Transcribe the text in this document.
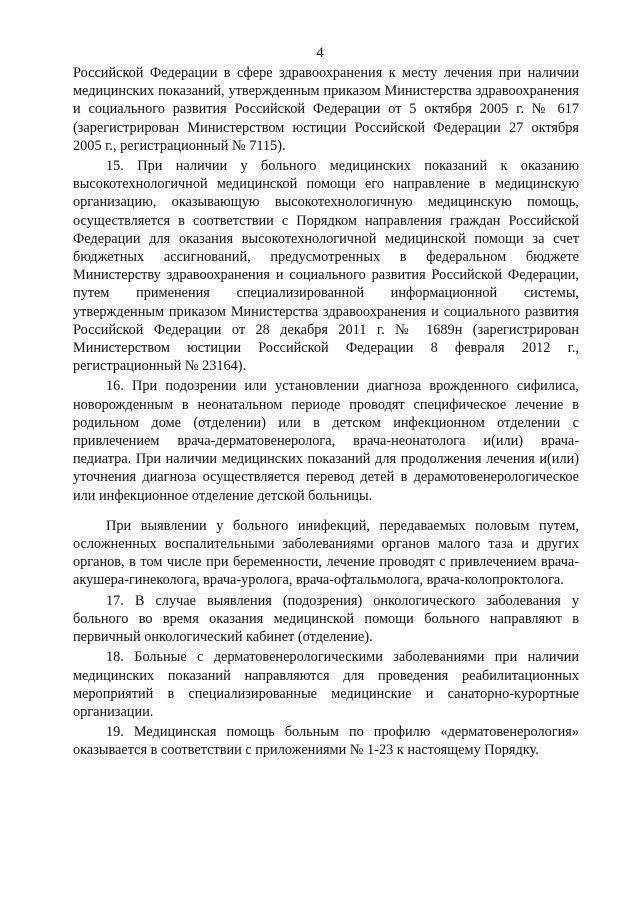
4

Российской Федерации в сфере здравоохранения к месту лечения при наличии медицинских показаний, утвержденным приказом Министерства здравоохранения и социального развития Российской Федерации от 5 октября 2005 г. № 617 (зарегистрирован Министерством юстиции Российской Федерации 27 октября 2005 г., регистрационный № 7115).

15. При наличии у больного медицинских показаний к оказанию высокотехнологичной медицинской помощи его направление в медицинскую организацию, оказывающую высокотехнологичную медицинскую помощь, осуществляется в соответствии с Порядком направления граждан Российской Федерации для оказания высокотехнологичной медицинской помощи за счет бюджетных ассигнований, предусмотренных в федеральном бюджете Министерству здравоохранения и социального развития Российской Федерации, путем применения специализированной информационной системы, утвержденным приказом Министерства здравоохранения и социального развития Российской Федерации от 28 декабря 2011 г. № 1689н (зарегистрирован Министерством юстиции Российской Федерации 8 февраля 2012 г., регистрационный № 23164).

16. При подозрении или установлении диагноза врожденного сифилиса, новорожденным в неонатальном периоде проводят специфическое лечение в родильном доме (отделении) или в детском инфекционном отделении с привлечением врача-дерматовенеролога, врача-неонатолога и(или) врача-педиатра. При наличии медицинских показаний для продолжения лечения и(или) уточнения диагноза осуществляется перевод детей в дерамотовенерологическое или инфекционное отделение детской больницы.

При выявлении у больного инифекций, передаваемых половым путем, осложненных воспалительными заболеваниями органов малого таза и других органов, в том числе при беременности, лечение проводят с привлечением врача-акушера-гинеколога, врача-уролога, врача-офтальмолога, врача-колопроктолога.

17. В случае выявления (подозрения) онкологического заболевания у больного во время оказания медицинской помощи больного направляют в первичный онкологический кабинет (отделение).

18. Больные с дерматовенерологическими заболеваниями при наличии медицинских показаний направляются для проведения реабилитационных мероприятий в специализированные медицинские и санаторно-курортные организации.

19. Медицинская помощь больным по профилю «дерматовенерология» оказывается в соответствии с приложениями № 1-23 к настоящему Порядку.
